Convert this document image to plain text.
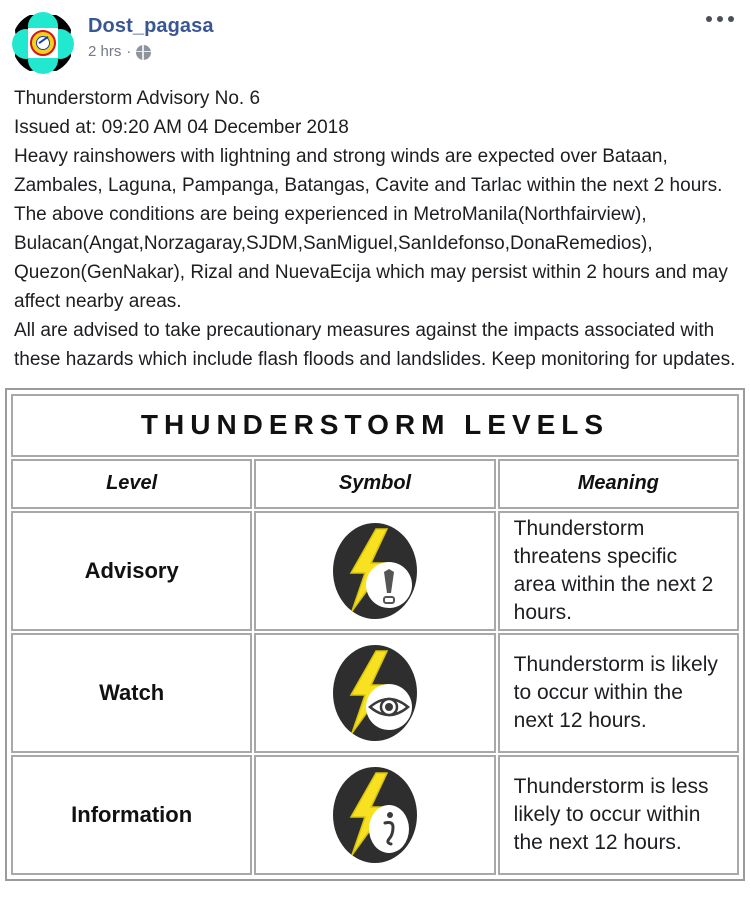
Dost_pagasa
2 hrs ·

Thunderstorm Advisory No. 6

Issued at: 09:20 AM 04 December 2018

Heavy rainshowers with lightning and strong winds are expected over Bataan, Zambales, Laguna, Pampanga, Batangas, Cavite and Tarlac within the next 2 hours.

The above conditions are being experienced in MetroManila(Northfairview), Bulacan(Angat,Norzagaray,SJDM,SanMiguel,SanIdefonso,DonaRemedios), Quezon(GenNakar), Rizal and NuevaEcija which may persist within 2 hours and may affect nearby areas.

All are advised to take precautionary measures against the impacts associated with these hazards which include flash floods and landslides. Keep monitoring for updates.

THUNDERSTORM LEVELS		
Level	Symbol	Meaning
Advisory		Thunderstorm threatens specific area within the next 2 hours.
Watch		Thunderstorm is likely to occur within the next 12 hours.
Information		Thunderstorm is less likely to occur within the next 12 hours.
